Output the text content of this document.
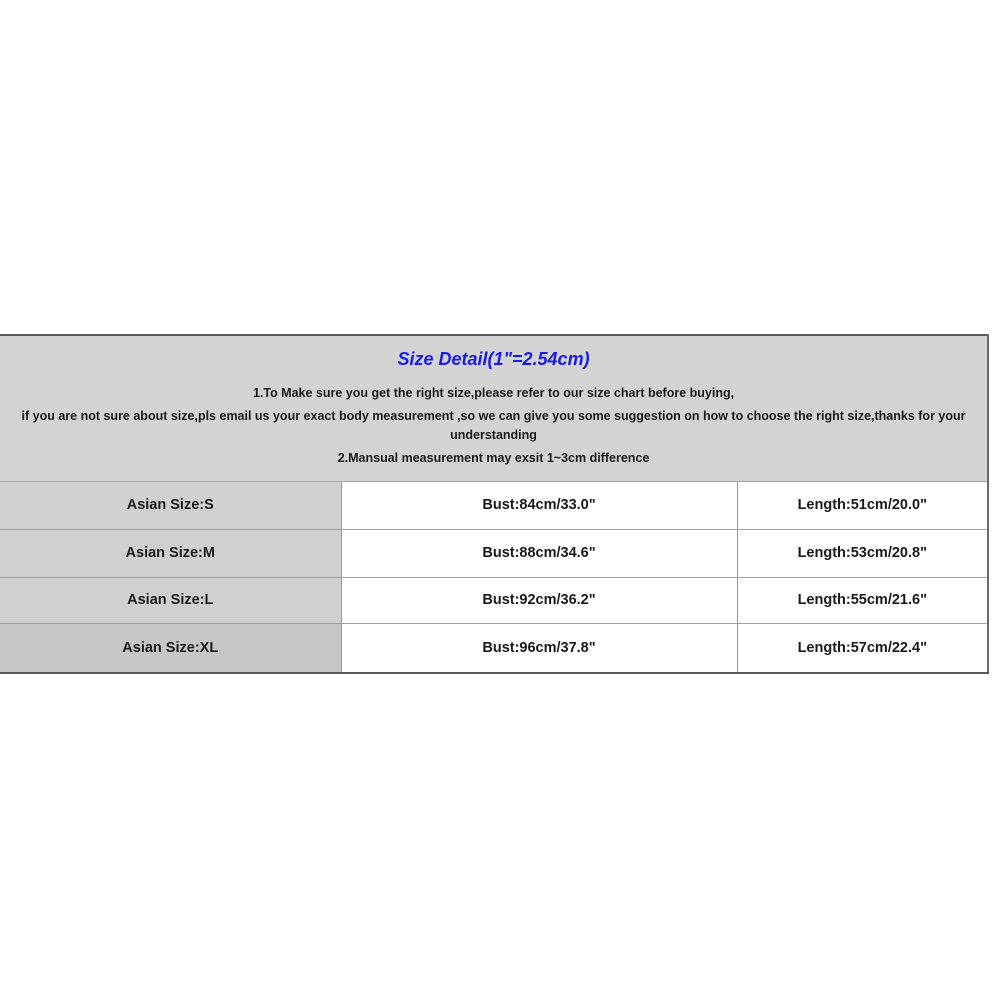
Size Detail(1"=2.54cm)

1.To Make sure you get the right size,please refer to our size chart before buying,

if you are not sure about size,pls email us your exact body measurement ,so we can give you some suggestion on how to choose the right size,thanks for your understanding

2.Mansual measurement may exsit 1~3cm difference		

Asian Size:S	Bust:84cm/33.0"	Length:51cm/20.0"
Asian Size:M	Bust:88cm/34.6"	Length:53cm/20.8"
Asian Size:L	Bust:92cm/36.2"	Length:55cm/21.6"
Asian Size:XL	Bust:96cm/37.8"	Length:57cm/22.4"
